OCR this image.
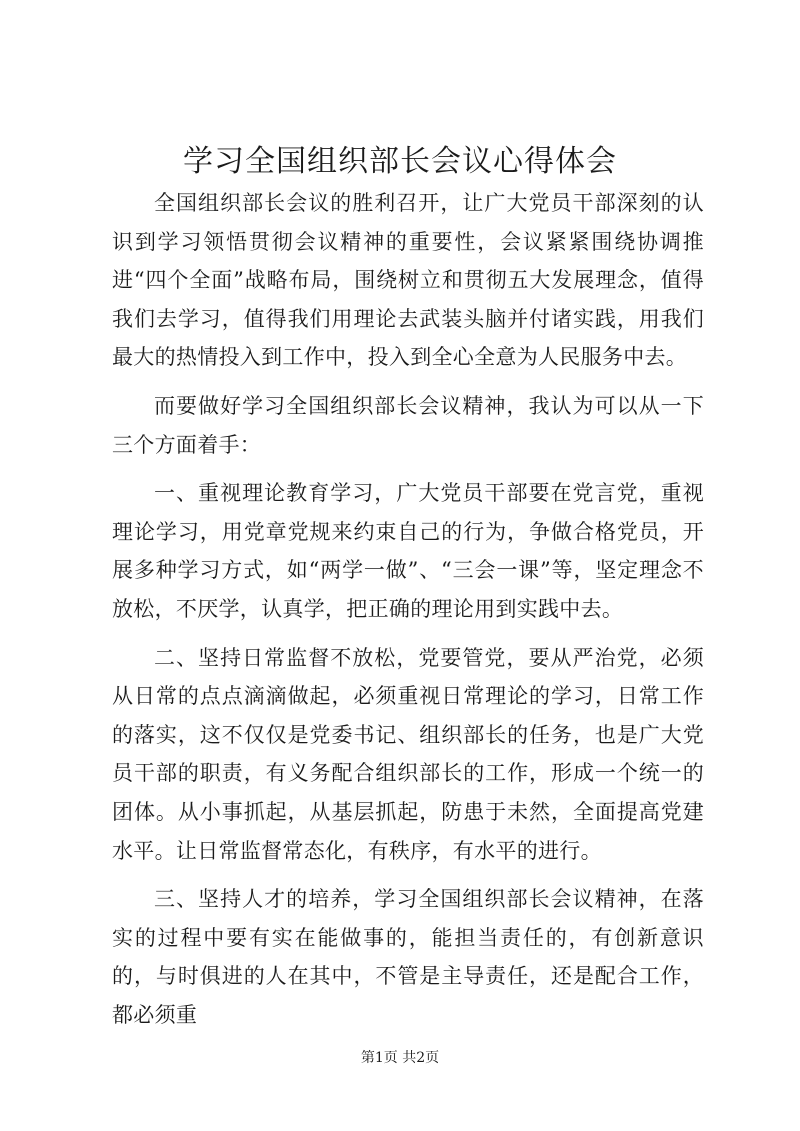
学习全国组织部长会议心得体会

全国组织部长会议的胜利召开，让广大党员干部深刻的认识到学习领悟贯彻会议精神的重要性，会议紧紧围绕协调推进“四个全面”战略布局，围绕树立和贯彻五大发展理念，值得我们去学习，值得我们用理论去武装头脑并付诸实践，用我们最大的热情投入到工作中，投入到全心全意为人民服务中去。

而要做好学习全国组织部长会议精神，我认为可以从一下三个方面着手：

一、重视理论教育学习，广大党员干部要在党言党，重视理论学习，用党章党规来约束自己的行为，争做合格党员，开展多种学习方式，如“两学一做”、“三会一课”等，坚定理念不放松，不厌学，认真学，把正确的理论用到实践中去。

二、坚持日常监督不放松，党要管党，要从严治党，必须从日常的点点滴滴做起，必须重视日常理论的学习，日常工作的落实，这不仅仅是党委书记、组织部长的任务，也是广大党员干部的职责，有义务配合组织部长的工作，形成一个统一的团体。从小事抓起，从基层抓起，防患于未然，全面提高党建水平。让日常监督常态化，有秩序，有水平的进行。

三、坚持人才的培养，学习全国组织部长会议精神，在落实的过程中要有实在能做事的，能担当责任的，有创新意识的，与时俱进的人在其中，不管是主导责任，还是配合工作，都必须重

第1页 共2页
